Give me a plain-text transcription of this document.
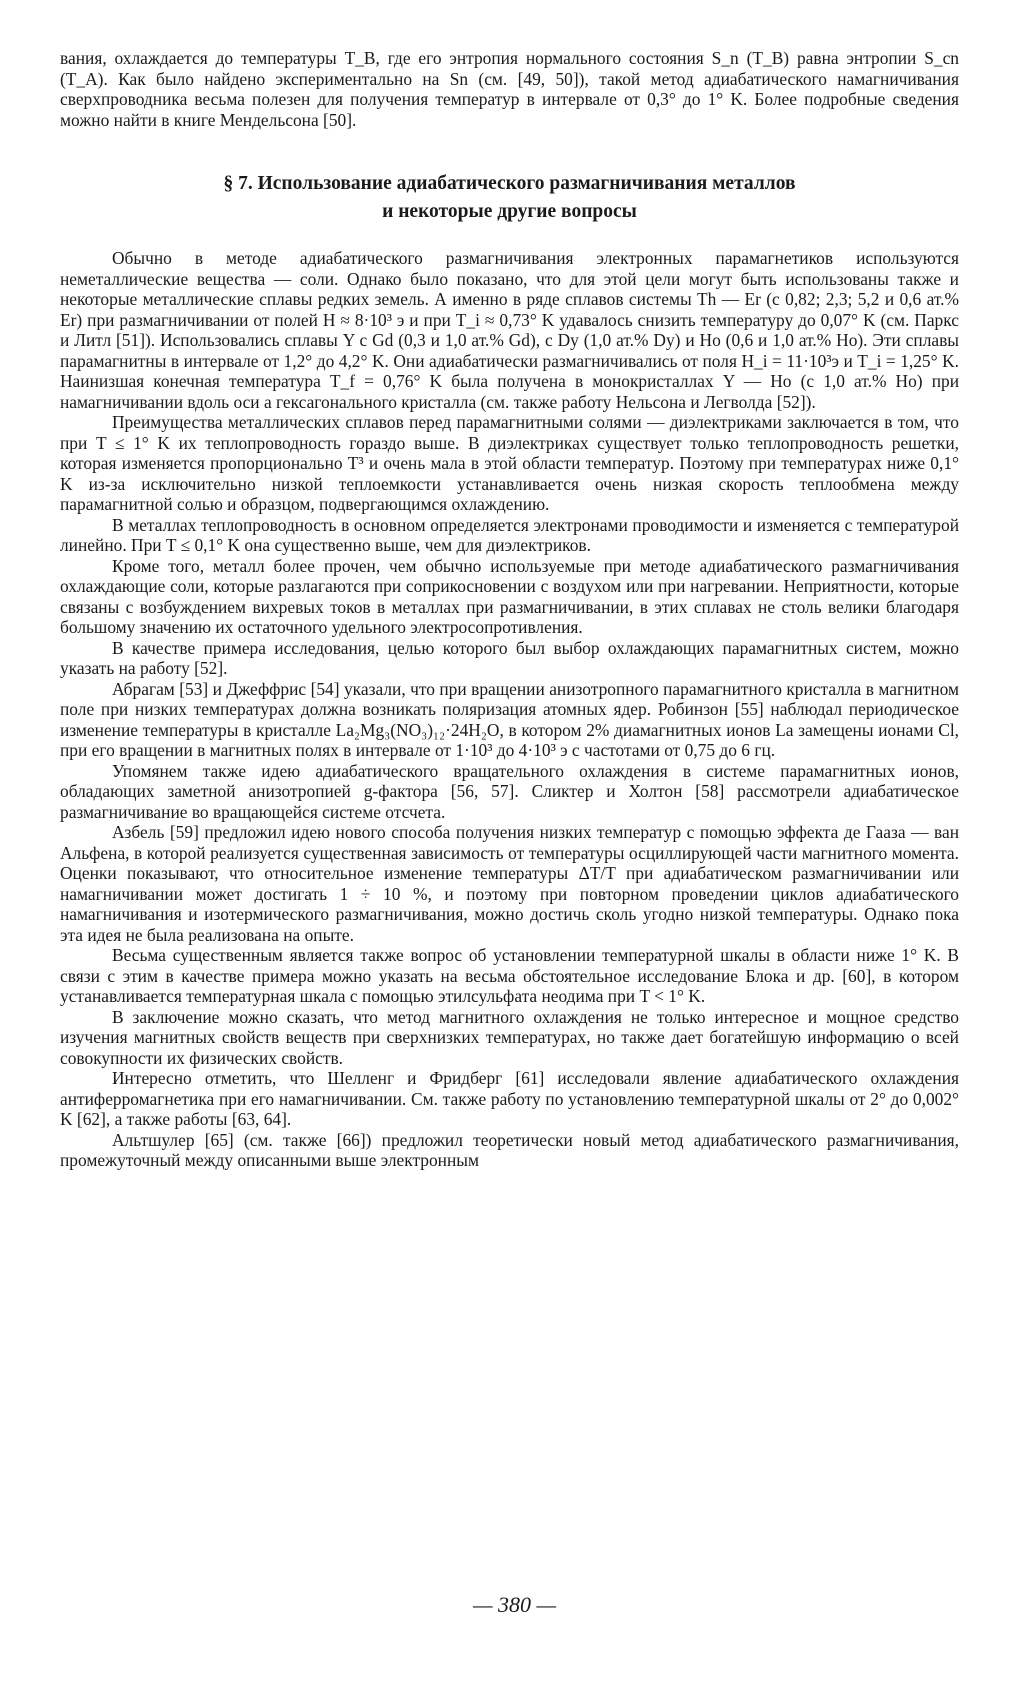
вания, охлаждается до температуры T_B, где его энтропия нормального состояния S_n (T_B) равна энтропии S_cn (T_A). Как было найдено экспериментально на Sn (см. [49, 50]), такой метод адиабатического намагничивания сверхпроводника весьма полезен для получения температур в интервале от 0,3° до 1° K. Более подробные сведения можно найти в книге Мендельсона [50].

§ 7. Использование адиабатического размагничивания металлов
и некоторые другие вопросы

Обычно в методе адиабатического размагничивания электронных парамагнетиков используются неметаллические вещества — соли. Однако было показано, что для этой цели могут быть использованы также и некоторые металлические сплавы редких земель. А именно в ряде сплавов системы Th — Er (с 0,82; 2,3; 5,2 и 0,6 ат.% Er) при размагничивании от полей H ≈ 8·10³ э и при T_i ≈ 0,73° K удавалось снизить температуру до 0,07° K (см. Паркс и Литл [51]). Использовались сплавы Y с Gd (0,3 и 1,0 ат.% Gd), с Dy (1,0 ат.% Dy) и Ho (0,6 и 1,0 ат.% Ho). Эти сплавы парамагнитны в интервале от 1,2° до 4,2° K. Они адиабатически размагничивались от поля H_i = 11·10³э и T_i = 1,25° K. Наинизшая конечная температура T_f = 0,76° K была получена в монокристаллах Y — Ho (с 1,0 ат.% Ho) при намагничивании вдоль оси a гексагонального кристалла (см. также работу Нельсона и Легволда [52]).

Преимущества металлических сплавов перед парамагнитными солями — диэлектриками заключается в том, что при T ≤ 1° K их теплопроводность гораздо выше. В диэлектриках существует только теплопроводность решетки, которая изменяется пропорционально T³ и очень мала в этой области температур. Поэтому при температурах ниже 0,1° K из-за исключительно низкой теплоемкости устанавливается очень низкая скорость теплообмена между парамагнитной солью и образцом, подвергающимся охлаждению.

В металлах теплопроводность в основном определяется электронами проводимости и изменяется с температурой линейно. При T ≤ 0,1° K она существенно выше, чем для диэлектриков.

Кроме того, металл более прочен, чем обычно используемые при методе адиабатического размагничивания охлаждающие соли, которые разлагаются при соприкосновении с воздухом или при нагревании. Неприятности, которые связаны с возбуждением вихревых токов в металлах при размагничивании, в этих сплавах не столь велики благодаря большому значению их остаточного удельного электросопротивления.

В качестве примера исследования, целью которого был выбор охлаждающих парамагнитных систем, можно указать на работу [52].

Абрагам [53] и Джеффрис [54] указали, что при вращении анизотропного парамагнитного кристалла в магнитном поле при низких температурах должна возникать поляризация атомных ядер. Робинзон [55] наблюдал периодическое изменение температуры в кристалле La₂Mg₃(NO₃)₁₂·24H₂O, в котором 2% диамагнитных ионов La замещены ионами Cl, при его вращении в магнитных полях в интервале от 1·10³ до 4·10³ э с частотами от 0,75 до 6 гц.

Упомянем также идею адиабатического вращательного охлаждения в системе парамагнитных ионов, обладающих заметной анизотропией g-фактора [56, 57]. Сликтер и Холтон [58] рассмотрели адиабатическое размагничивание во вращающейся системе отсчета.

Азбель [59] предложил идею нового способа получения низких температур с помощью эффекта де Гааза — ван Альфена, в которой реализуется существенная зависимость от температуры осциллирующей части магнитного момента. Оценки показывают, что относительное изменение температуры ΔT/T при адиабатическом размагничивании или намагничивании может достигать 1 ÷ 10 %, и поэтому при повторном проведении циклов адиабатического намагничивания и изотермического размагничивания, можно достичь сколь угодно низкой температуры. Однако пока эта идея не была реализована на опыте.

Весьма существенным является также вопрос об установлении температурной шкалы в области ниже 1° K. В связи с этим в качестве примера можно указать на весьма обстоятельное исследование Блока и др. [60], в котором устанавливается температурная шкала с помощью этилсульфата неодима при T < 1° K.

В заключение можно сказать, что метод магнитного охлаждения не только интересное и мощное средство изучения магнитных свойств веществ при сверхнизких температурах, но также дает богатейшую информацию о всей совокупности их физических свойств.

Интересно отметить, что Шелленг и Фридберг [61] исследовали явление адиабатического охлаждения антиферромагнетика при его намагничивании. См. также работу по установлению температурной шкалы от 2° до 0,002° K [62], а также работы [63, 64].

Альтшулер [65] (см. также [66]) предложил теоретически новый метод адиабатического размагничивания, промежуточный между описанными выше электронным

— 380 —
